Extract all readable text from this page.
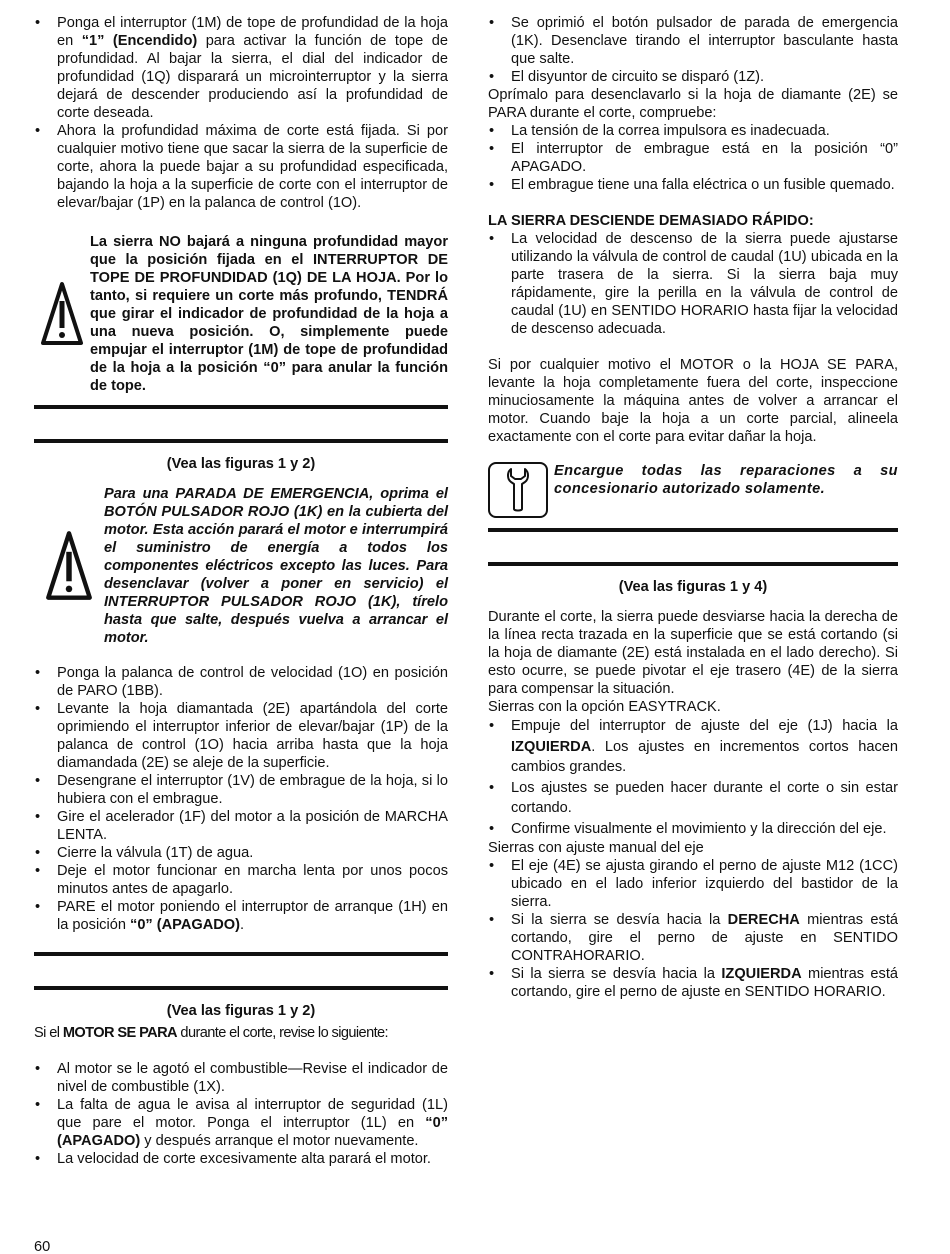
• Ponga el interruptor (1M) de tope de profundidad de la hoja en “1” (Encendido) para activar la función de tope de profundidad. Al bajar la sierra, el dial del indicador de profundidad (1Q) disparará un microinterruptor y la sierra dejará de descender produciendo así la profundidad de corte deseada.
• Ahora la profundidad máxima de corte está fijada. Si por cualquier motivo tiene que sacar la sierra de la superficie de corte, ahora la puede bajar a su profundidad especificada, bajando la hoja a la superficie de corte con el interruptor de elevar/bajar (1P) en la palanca de control (1O).
La sierra NO bajará a ninguna profundidad mayor que la posición fijada en el INTERRUPTOR DE TOPE DE PROFUNDIDAD (1Q) DE LA HOJA. Por lo tanto, si requiere un corte más profundo, TENDRÁ que girar el indicador de profundidad de la hoja a una nueva posición. O, simplemente puede empujar el interruptor (1M) de tope de profundidad de la hoja a la posición “0” para anular la función de tope.
(Vea las figuras 1 y 2)
Para una PARADA DE EMERGENCIA, oprima el BOTÓN PULSADOR ROJO (1K) en la cubierta del motor. Esta acción parará el motor e interrumpirá el suministro de energía a todos los componentes eléctricos excepto las luces. Para desenclavar (volver a poner en servicio) el INTERRUPTOR PULSADOR ROJO (1K), tírelo hasta que salte, después vuelva a arrancar el motor.
• Ponga la palanca de control de velocidad (1O) en posición de PARO (1BB).
• Levante la hoja diamantada (2E) apartándola del corte oprimiendo el interruptor inferior de elevar/bajar (1P) de la palanca de control (1O) hacia arriba hasta que la hoja diamandada (2E) se aleje de la superficie.
• Desengrane el interruptor (1V) de embrague de la hoja, si lo hubiera con el embrague.
• Gire el acelerador (1F) del motor a la posición de MARCHA LENTA.
• Cierre la válvula (1T) de agua.
• Deje el motor funcionar en marcha lenta por unos pocos minutos antes de apagarlo.
• PARE el motor poniendo el interruptor de arranque (1H) en la posición “0” (APAGADO).
(Vea las figuras 1 y 2)

Si el MOTOR SE PARA durante el corte, revise lo siguiente:

• Al motor se le agotó el combustible—Revise el indicador de nivel de combustible (1X).
• La falta de agua le avisa al interruptor de seguridad (1L) que pare el motor. Ponga el interruptor (1L) en “0” (APAGADO) y después arranque el motor nuevamente.
• La velocidad de corte excesivamente alta parará el motor.
60
• Se oprimió el botón pulsador de parada de emergencia (1K). Desenclave tirando el interruptor basculante hasta que salte.
• El disyuntor de circuito se disparó (1Z).

Oprímalo para desenclavarlo si la hoja de diamante (2E) se PARA durante el corte, compruebe:

• La tensión de la correa impulsora es inadecuada.
• El interruptor de embrague está en la posición “0” APAGADO.
• El embrague tiene una falla eléctrica o un fusible quemado.
LA SIERRA DESCIENDE DEMASIADO RÁPIDO:
• La velocidad de descenso de la sierra puede ajustarse utilizando la válvula de control de caudal (1U) ubicada en la parte trasera de la sierra. Si la sierra baja muy rápidamente, gire la perilla en la válvula de control de caudal (1U) en SENTIDO HORARIO hasta fijar la velocidad de descenso adecuada.

Si por cualquier motivo el MOTOR o la HOJA SE PARA, levante la hoja completamente fuera del corte, inspeccione minuciosamente la máquina antes de volver a arrancar el motor. Cuando baje la hoja a un corte parcial, alineela exactamente con el corte para evitar dañar la hoja.

Encargue todas las reparaciones a su concesionario autorizado solamente.
(Vea las figuras 1 y 4)

Durante el corte, la sierra puede desviarse hacia la derecha de la línea recta trazada en la superficie que se está cortando (si la hoja de diamante (2E) está instalada en el lado derecho). Si esto ocurre, se puede pivotar el eje trasero (4E) de la sierra para compensar la situación.

Sierras con la opción EASYTRACK.

• Empuje del interruptor de ajuste del eje (1J) hacia la IZQUIERDA. Los ajustes en incrementos cortos hacen cambios grandes.
• Los ajustes se pueden hacer durante el corte o sin estar cortando.
• Confirme visualmente el movimiento y la dirección del eje.

Sierras con ajuste manual del eje

• El eje (4E) se ajusta girando el perno de ajuste M12 (1CC) ubicado en el lado inferior izquierdo del bastidor de la sierra.
• Si la sierra se desvía hacia la DERECHA mientras está cortando, gire el perno de ajuste en SENTIDO CONTRAHORARIO.
• Si la sierra se desvía hacia la IZQUIERDA mientras está cortando, gire el perno de ajuste en SENTIDO HORARIO.
